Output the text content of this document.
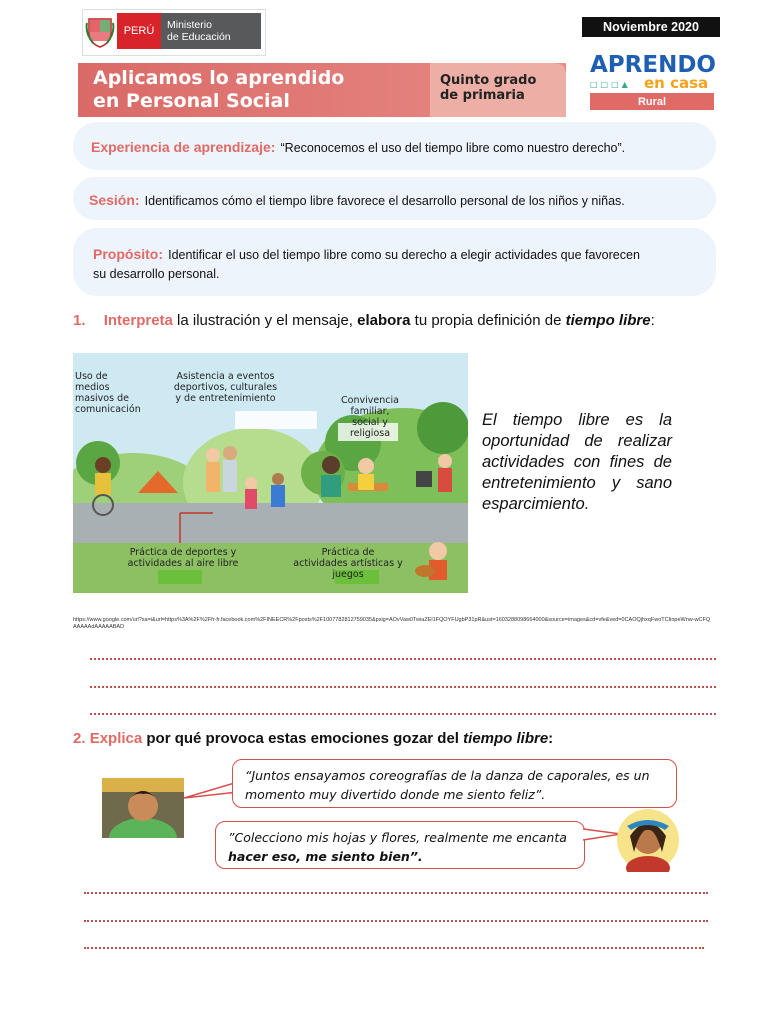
PERÚ	Ministerio
de Educación
Noviembre 2020
Aplicamos lo aprendido
en Personal Social
Quinto grado
de primaria
APRENDO
en casa
□□□▲
Rural
Experiencia de aprendizaje: “Reconocemos el uso del tiempo libre como nuestro derecho”.
Sesión: Identificamos cómo el tiempo libre favorece el desarrollo personal de los niños y niñas.
Propósito: Identificar el uso del tiempo libre como su derecho a elegir actividades que favorecen
su desarrollo personal.
1. Interpreta la ilustración y el mensaje, elabora tu propia definición de tiempo libre:
Uso de medios masivos de comunicación
Asistencia a eventos deportivos, culturales y de entretenimiento	Convivencia familiar, social y religiosa
Práctica de deportes y actividades al aire libre
Práctica de actividades artísticas y juegos
El tiempo libre es la oportunidad de realizar actividades con fines de entretenimiento y sano esparcimiento.
https://www.google.com/url?sa=i&url=https%3A%2F%2Ffr-fr.facebook.com%2FINEECR%2Fposts%2F1007782812759035&psig=AOvVaw0TwiaZEl1FQOYFUgbP31pR&ust=1603288098664000&source=images&cd=vfe&ved=0CAOQjhxqFwoTCIiopeWnw-wCFQAAAAAdAAAAABAD
2. Explica por qué provoca estas emociones gozar del tiempo libre:
“Juntos ensayamos coreografías de la danza de caporales, es un
momento muy divertido donde me siento feliz”.
”Colecciono mis hojas y flores, realmente me encanta
hacer eso, me siento bien”.
